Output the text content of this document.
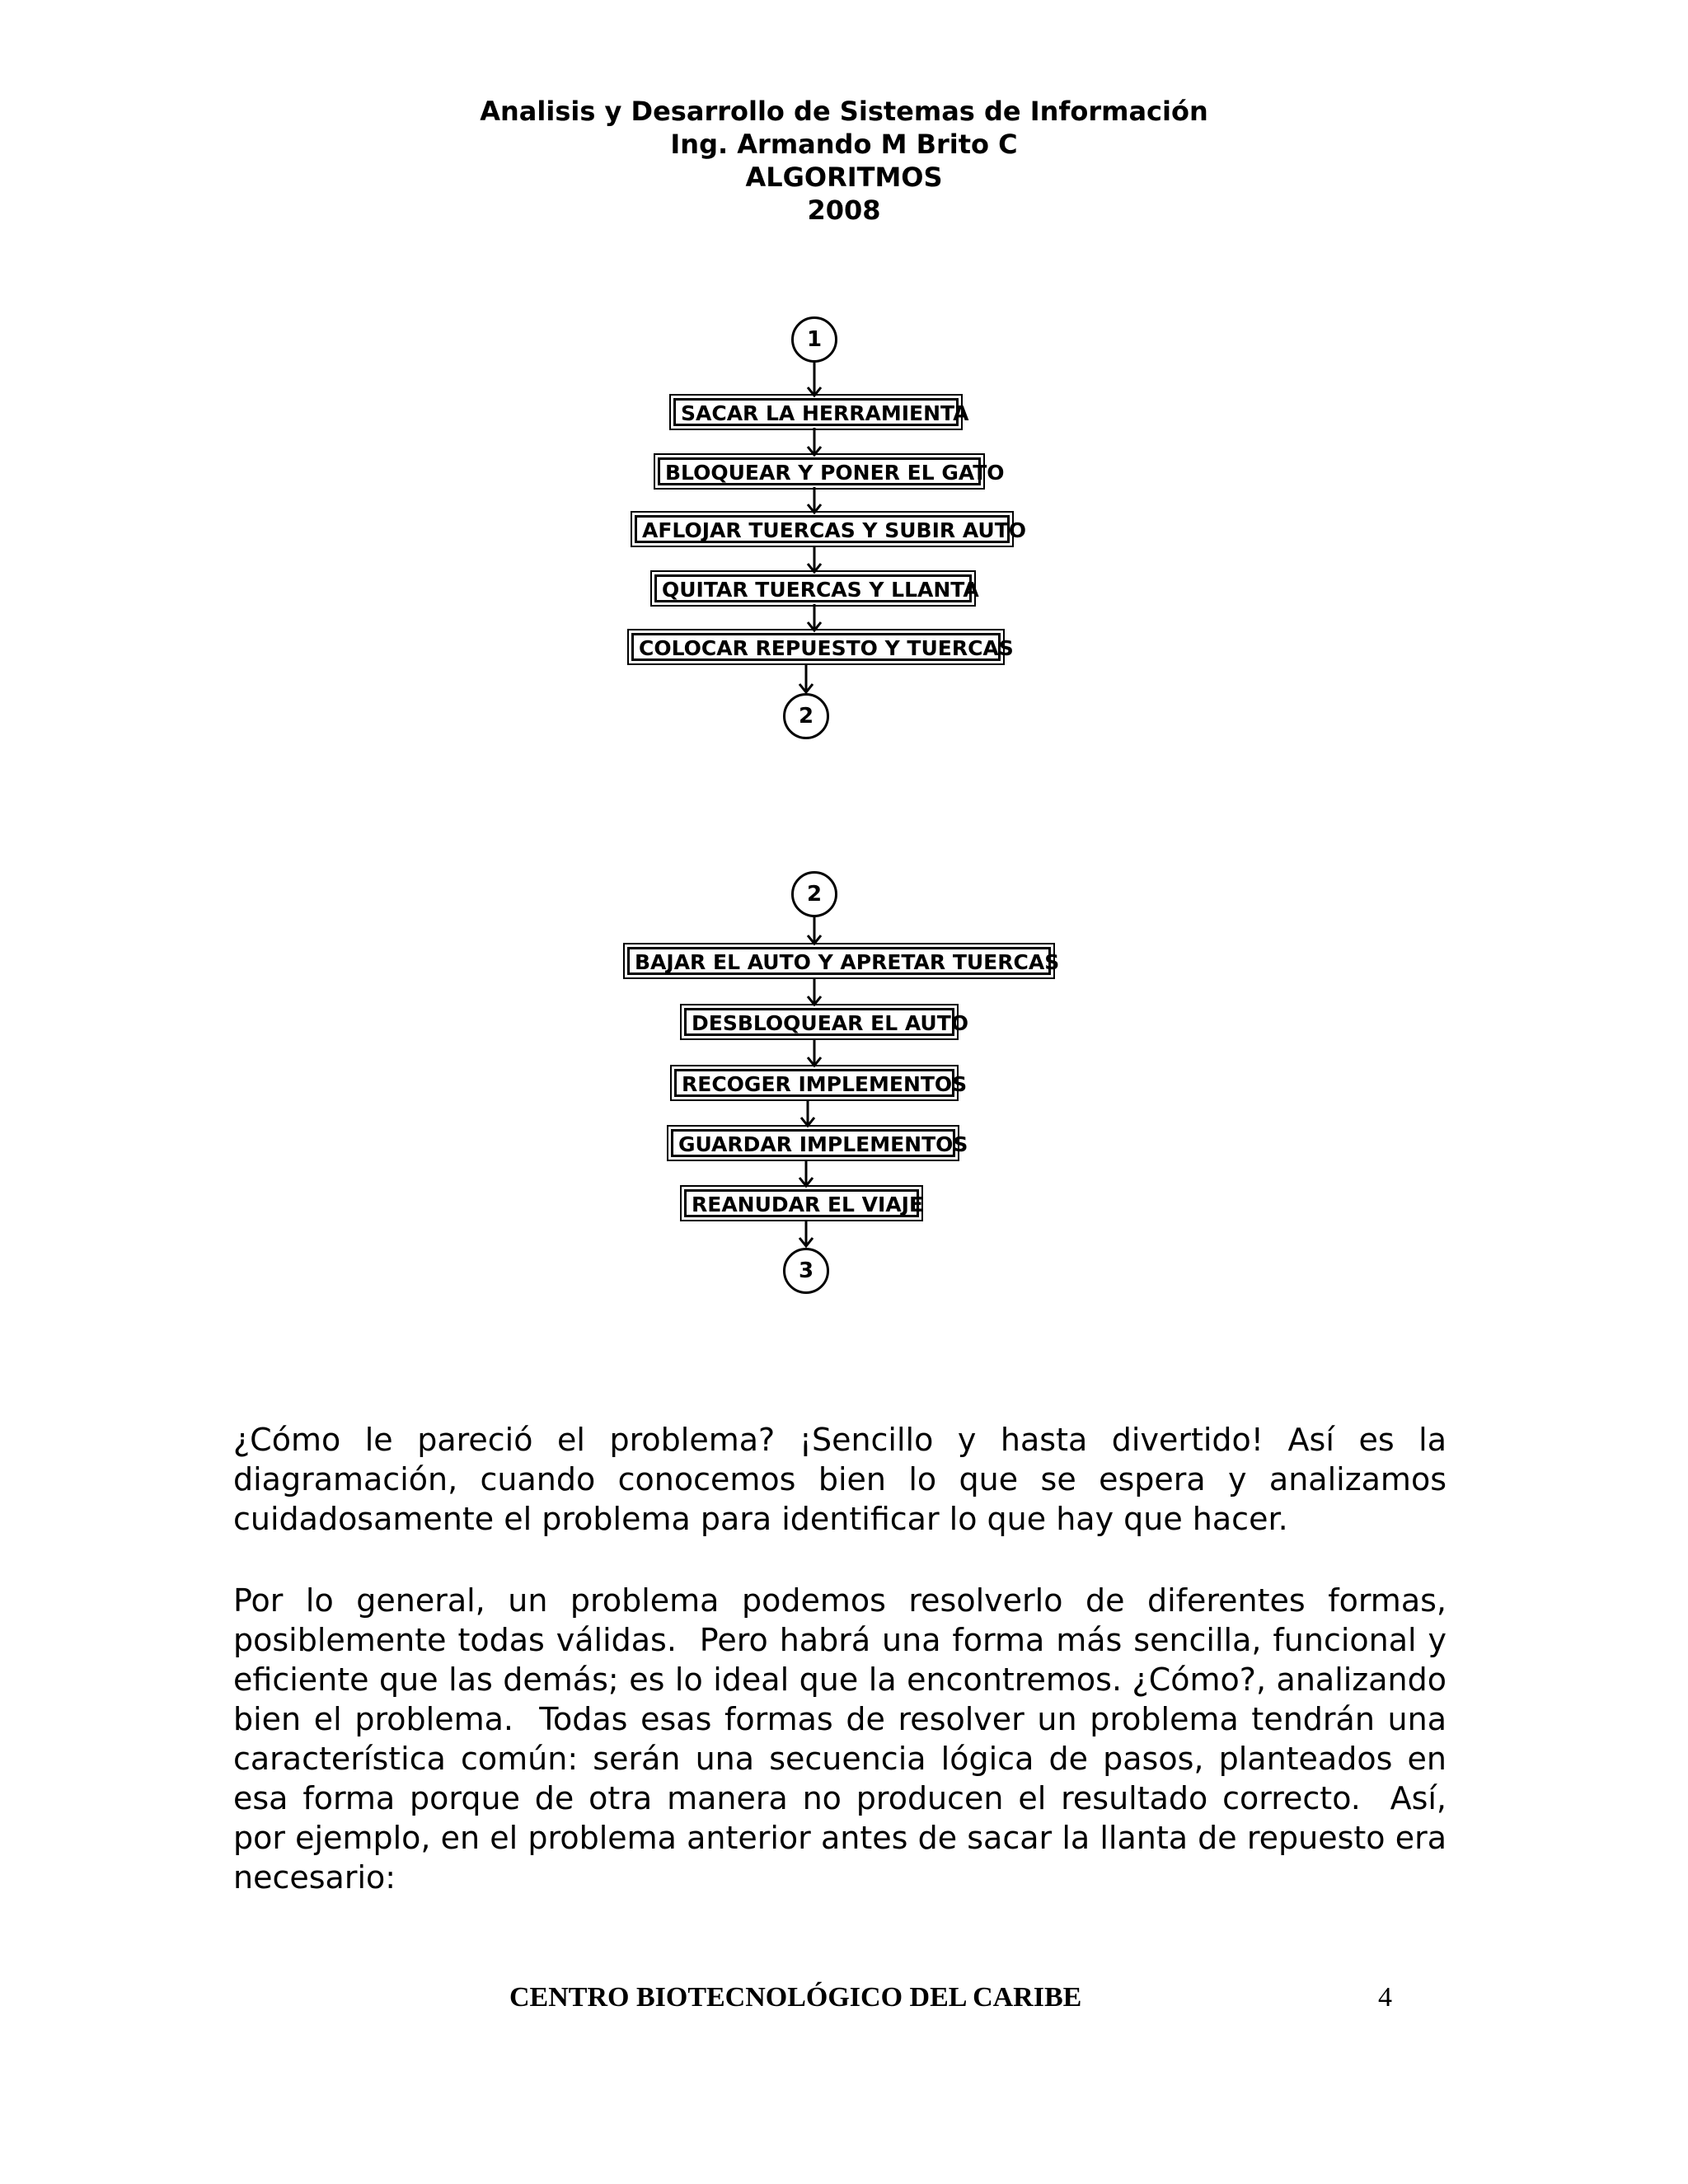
Analisis y Desarrollo de Sistemas de Información
Ing. Armando M Brito C
ALGORITMOS
2008
1
SACAR LA HERRAMIENTA
BLOQUEAR Y PONER EL GATO
AFLOJAR TUERCAS Y SUBIR AUTO
QUITAR TUERCAS Y LLANTA
COLOCAR REPUESTO Y TUERCAS
2
2
BAJAR EL AUTO Y APRETAR TUERCAS
DESBLOQUEAR EL AUTO
RECOGER IMPLEMENTOS
GUARDAR IMPLEMENTOS
REANUDAR EL VIAJE
3

¿Cómo le pareció el problema? ¡Sencillo y hasta divertido! Así es la diagramación, cuando conocemos bien lo que se espera y analizamos cuidadosamente el problema para identificar lo que hay que hacer.

Por lo general, un problema podemos resolverlo de diferentes formas, posiblemente todas válidas.  Pero habrá una forma más sencilla, funcional y eficiente que las demás; es lo ideal que la encontremos. ¿Cómo?, analizando bien el problema.  Todas esas formas de resolver un problema tendrán una característica común: serán una secuencia lógica de pasos, planteados en esa forma porque de otra manera no producen el resultado correcto.  Así, por ejemplo, en el problema anterior antes de sacar la llanta de repuesto era necesario:

CENTRO BIOTECNOLÓGICO DEL CARIBE	4
